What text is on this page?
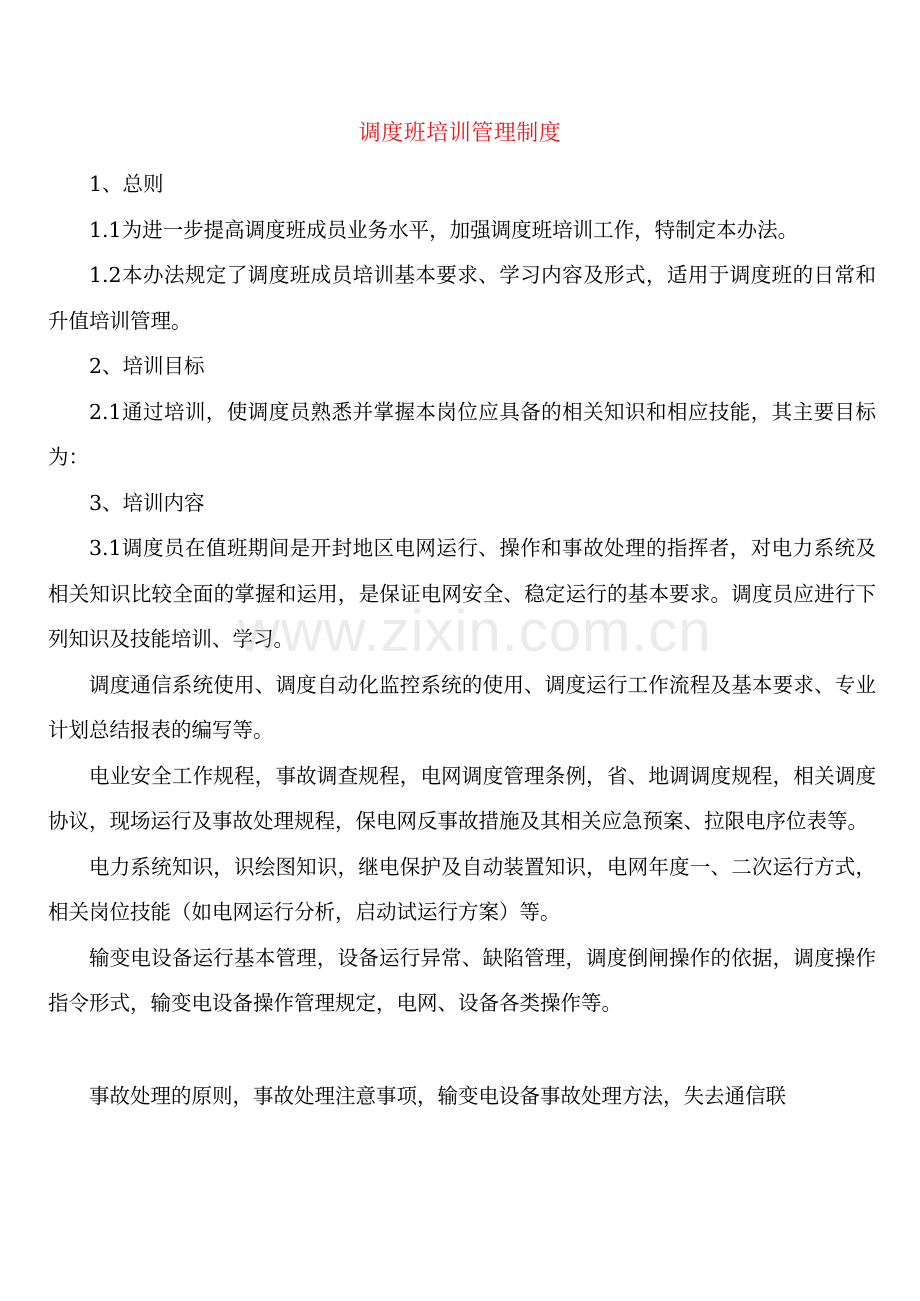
调度班培训管理制度

1、总则

1.1为进一步提高调度班成员业务水平，加强调度班培训工作，特制定本办法。

1.2本办法规定了调度班成员培训基本要求、学习内容及形式，适用于调度班的日常和升值培训管理。

2、培训目标

2.1通过培训，使调度员熟悉并掌握本岗位应具备的相关知识和相应技能，其主要目标为：

3、培训内容

3.1调度员在值班期间是开封地区电网运行、操作和事故处理的指挥者，对电力系统及相关知识比较全面的掌握和运用，是保证电网安全、稳定运行的基本要求。调度员应进行下列知识及技能培训、学习。

调度通信系统使用、调度自动化监控系统的使用、调度运行工作流程及基本要求、专业计划总结报表的编写等。

电业安全工作规程，事故调查规程，电网调度管理条例，省、地调调度规程，相关调度协议，现场运行及事故处理规程，保电网反事故措施及其相关应急预案、拉限电序位表等。

电力系统知识，识绘图知识，继电保护及自动装置知识，电网年度一、二次运行方式，相关岗位技能（如电网运行分析，启动试运行方案）等。

输变电设备运行基本管理，设备运行异常、缺陷管理，调度倒闸操作的依据，调度操作指令形式，输变电设备操作管理规定，电网、设备各类操作等。

事故处理的原则，事故处理注意事项，输变电设备事故处理方法，失去通信联

www.zixin.com.cn
